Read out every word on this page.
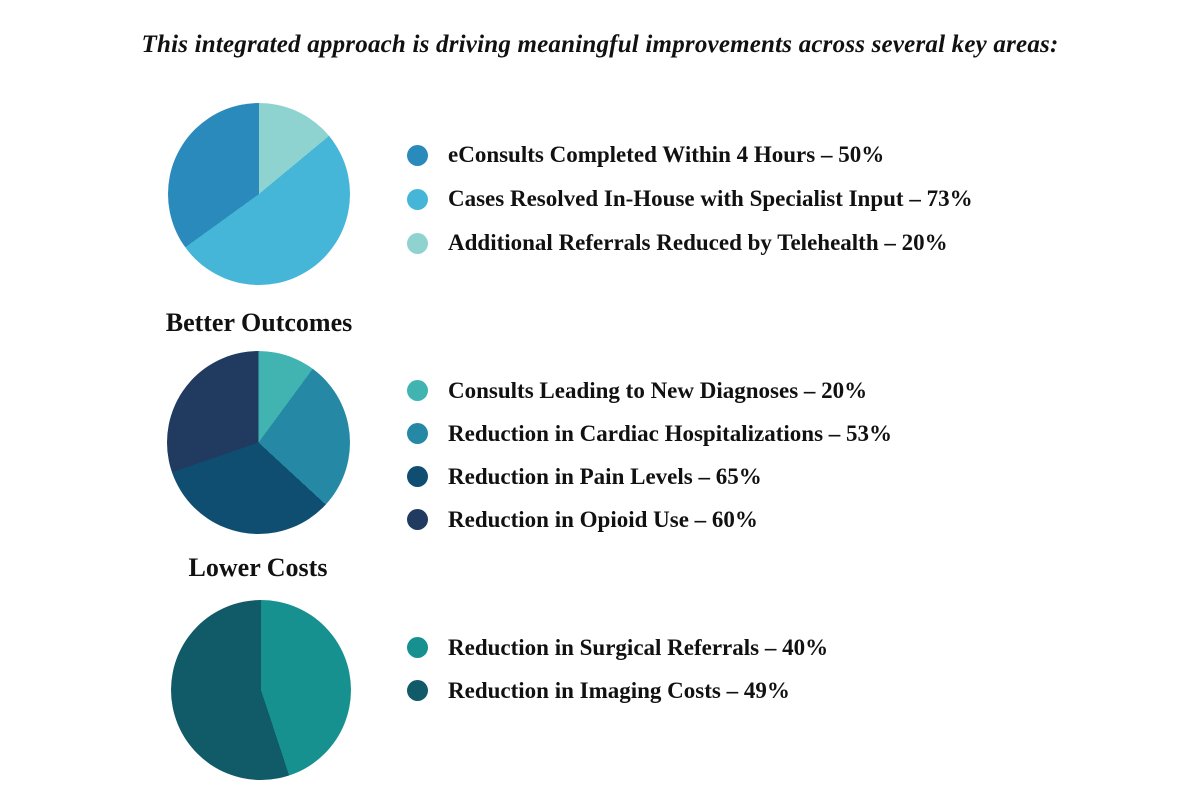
This integrated approach is driving meaningful improvements across several key areas:
Better Outcomes
eConsults Completed Within 4 Hours – 50%
Cases Resolved In-House with Specialist Input – 73%
Additional Referrals Reduced by Telehealth – 20%
Lower Costs
Consults Leading to New Diagnoses – 20%
Reduction in Cardiac Hospitalizations – 53%
Reduction in Pain Levels – 65%
Reduction in Opioid Use – 60%
Reduction in Surgical Referrals – 40%
Reduction in Imaging Costs – 49%
